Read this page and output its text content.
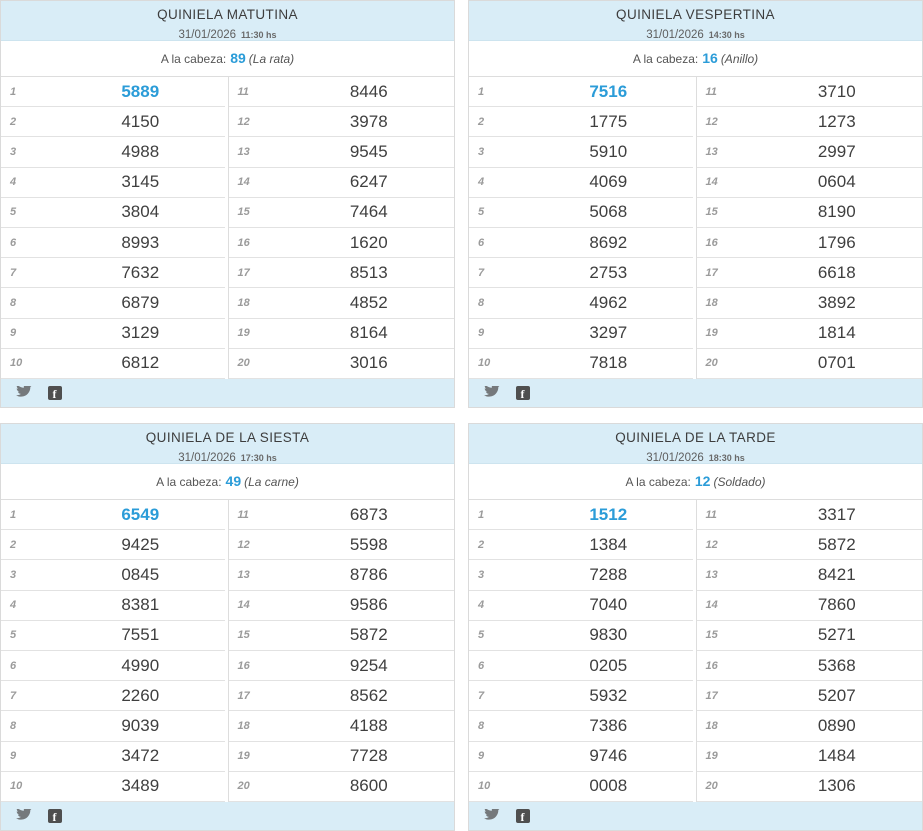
QUINIELA MATUTINA
31/01/2026 11:30 hs
A la cabeza: 89 (La rata)
1	5889
2	4150
3	4988
4	3145
5	3804
6	8993
7	7632
8	6879
9	3129
10	6812
11	8446
12	3978
13	9545
14	6247
15	7464
16	1620
17	8513
18	4852
19	8164
20	3016
f
QUINIELA VESPERTINA
31/01/2026 14:30 hs
A la cabeza: 16 (Anillo)
1	7516
2	1775
3	5910
4	4069
5	5068
6	8692
7	2753
8	4962
9	3297
10	7818
11	3710
12	1273
13	2997
14	0604
15	8190
16	1796
17	6618
18	3892
19	1814
20	0701
f
QUINIELA DE LA SIESTA
31/01/2026 17:30 hs
A la cabeza: 49 (La carne)
1	6549
2	9425
3	0845
4	8381
5	7551
6	4990
7	2260
8	9039
9	3472
10	3489
11	6873
12	5598
13	8786
14	9586
15	5872
16	9254
17	8562
18	4188
19	7728
20	8600
f
QUINIELA DE LA TARDE
31/01/2026 18:30 hs
A la cabeza: 12 (Soldado)
1	1512
2	1384
3	7288
4	7040
5	9830
6	0205
7	5932
8	7386
9	9746
10	0008
11	3317
12	5872
13	8421
14	7860
15	5271
16	5368
17	5207
18	0890
19	1484
20	1306
f
